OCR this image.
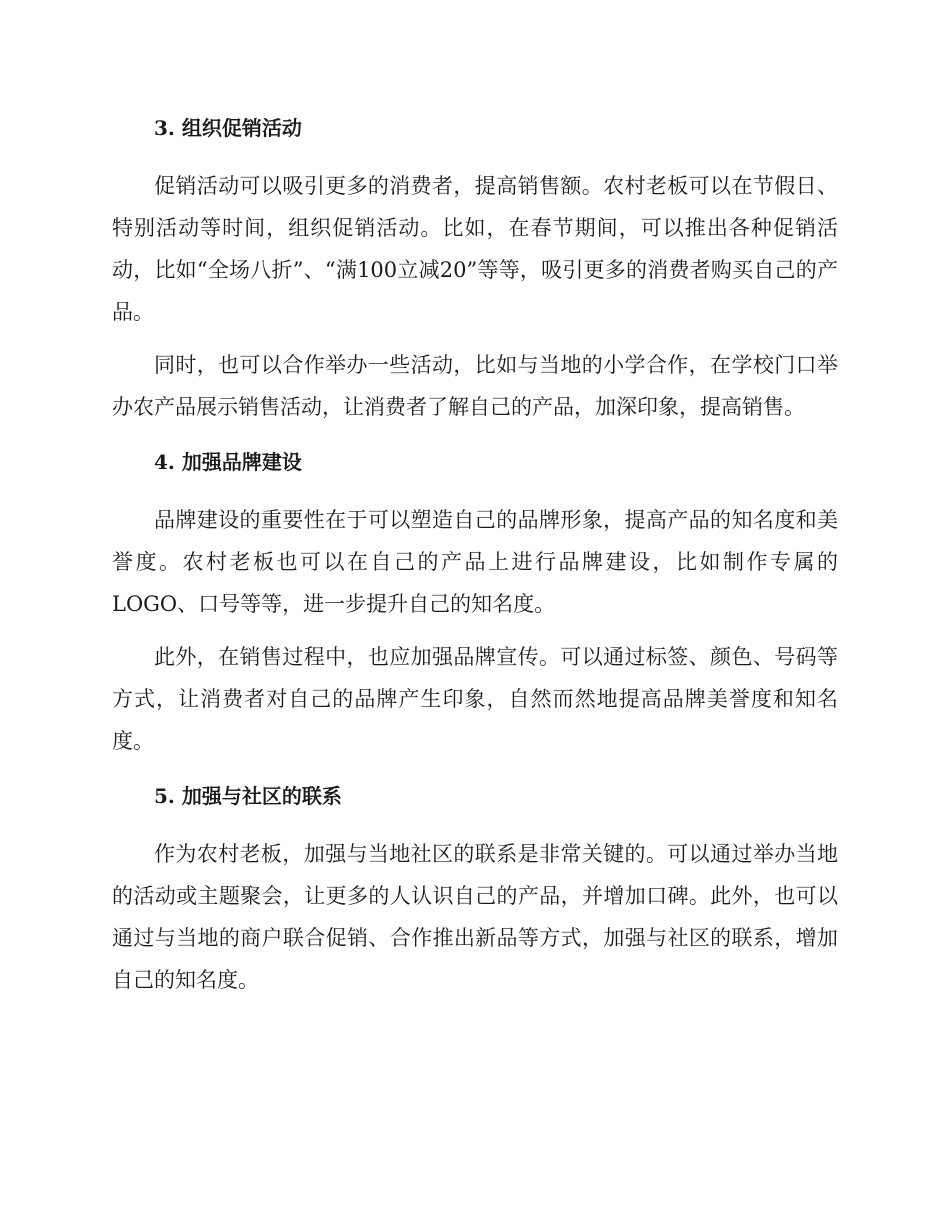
3. 组织促销活动

促销活动可以吸引更多的消费者，提高销售额。农村老板可以在节假日、特别活动等时间，组织促销活动。比如，在春节期间，可以推出各种促销活动，比如“全场八折”、“满100立减20”等等，吸引更多的消费者购买自己的产品。

同时，也可以合作举办一些活动，比如与当地的小学合作，在学校门口举办农产品展示销售活动，让消费者了解自己的产品，加深印象，提高销售。

4. 加强品牌建设

品牌建设的重要性在于可以塑造自己的品牌形象，提高产品的知名度和美誉度。农村老板也可以在自己的产品上进行品牌建设，比如制作专属的LOGO、口号等等，进一步提升自己的知名度。

此外，在销售过程中，也应加强品牌宣传。可以通过标签、颜色、号码等方式，让消费者对自己的品牌产生印象，自然而然地提高品牌美誉度和知名度。

5. 加强与社区的联系

作为农村老板，加强与当地社区的联系是非常关键的。可以通过举办当地的活动或主题聚会，让更多的人认识自己的产品，并增加口碑。此外，也可以通过与当地的商户联合促销、合作推出新品等方式，加强与社区的联系，增加自己的知名度。
